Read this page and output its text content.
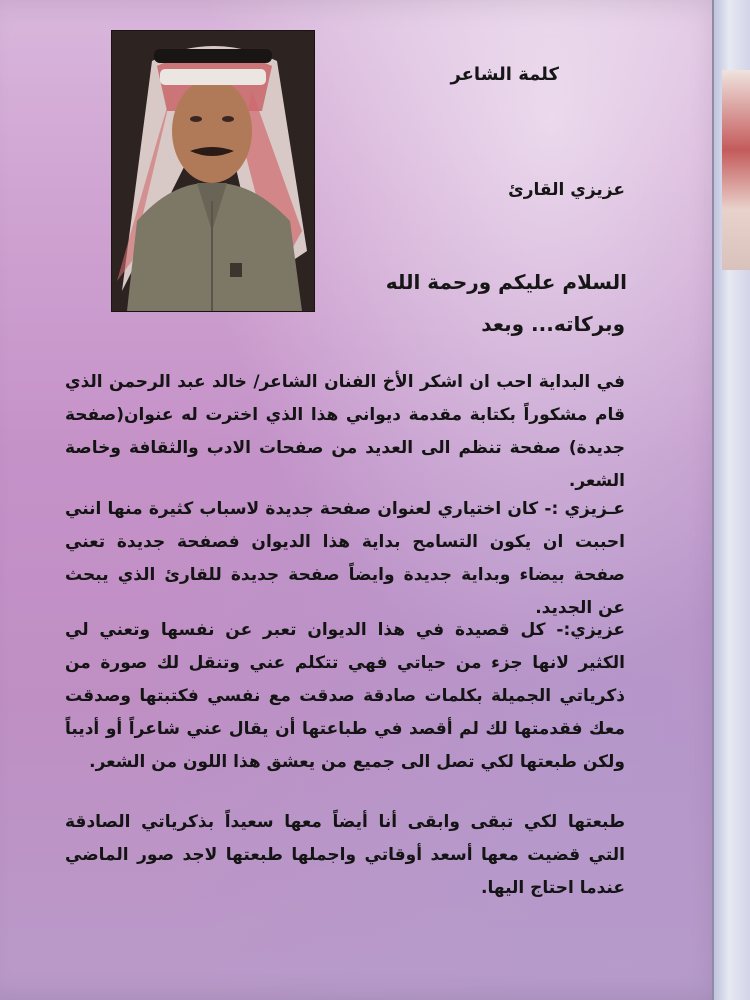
كلمة الشاعر
عزيزي القارئ
السلام عليكم ورحمة الله
وبركاته... وبعد

في البداية احب ان اشكر الأخ الفنان الشاعر/ خالد عبد الرحمن الذي قام مشكوراً بكتابة مقدمة ديواني هذا الذي اخترت له عنوان(صفحة جديدة) صفحة تنظم الى العديد من صفحات الادب والثقافة وخاصة الشعر.

عـزيزي :- كان اختياري لعنوان صفحة جديدة لاسباب كثيرة منها انني احببت ان يكون التسامح بداية هذا الديوان فصفحة جديدة تعني صفحة بيضاء وبداية جديدة وايضاً صفحة جديدة للقارئ الذي يبحث عن الجديد.

عزيزي:- كل قصيدة في هذا الديوان تعبر عن نفسها وتعني لي الكثير لانها جزء من حياتي فهي تتكلم عني وتنقل لك صورة من ذكرياتي الجميلة بكلمات صادقة صدقت مع نفسي فكتبتها وصدقت معك فقدمتها لك لم أقصد في طباعتها أن يقال عني شاعراً أو أديباً ولكن طبعتها لكي تصل الى جميع من يعشق هذا اللون من الشعر.

طبعتها لكي تبقى وابقى أنا أيضاً معها سعيداً بذكرياتي الصادقة التي قضيت معها أسعد أوقاتي واجملها طبعتها لاجد صور الماضي عندما احتاج اليها.
